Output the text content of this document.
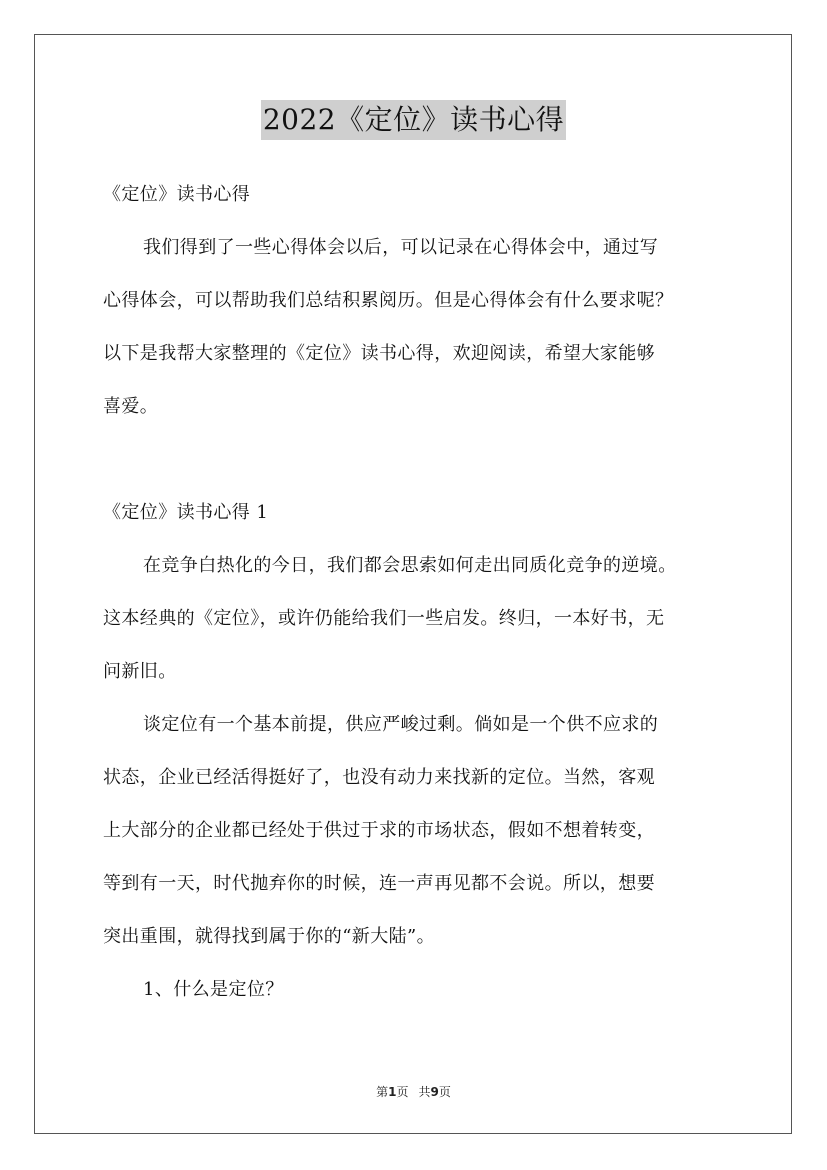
2022《定位》读书心得
《定位》读书心得
我们得到了一些心得体会以后，可以记录在心得体会中，通过写
心得体会，可以帮助我们总结积累阅历。但是心得体会有什么要求呢？
以下是我帮大家整理的《定位》读书心得，欢迎阅读，希望大家能够
喜爱。
《定位》读书心得 1
在竞争白热化的今日，我们都会思索如何走出同质化竞争的逆境。
这本经典的《定位》，或许仍能给我们一些启发。终归，一本好书，无
问新旧。
谈定位有一个基本前提，供应严峻过剩。倘如是一个供不应求的
状态，企业已经活得挺好了，也没有动力来找新的定位。当然，客观
上大部分的企业都已经处于供过于求的市场状态，假如不想着转变，
等到有一天，时代抛弃你的时候，连一声再见都不会说。所以，想要
突出重围，就得找到属于你的“新大陆”。
1、什么是定位？
第1页 共9页
